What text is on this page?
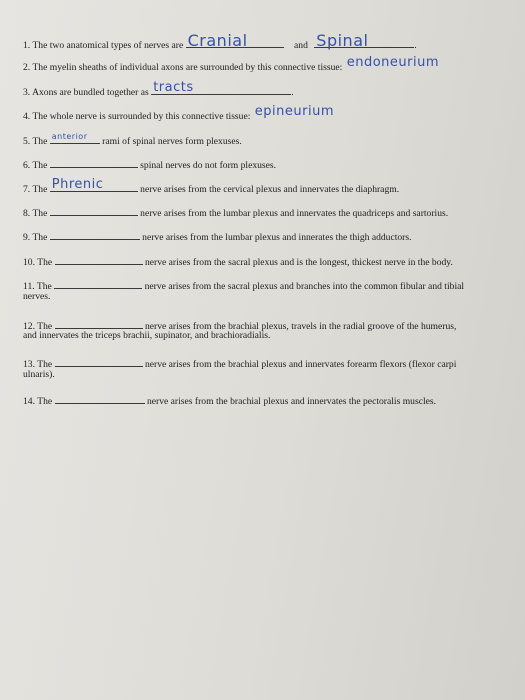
1. The two anatomical types of nerves are Cranial	and Spinal	.
2. The myelin sheaths of individual axons are surrounded by this connective tissue: endoneurium
3. Axons are bundled together as tracts	.
4. The whole nerve is surrounded by this connective tissue: epineurium
5. The anterior rami of spinal nerves form plexuses.
6. The	spinal nerves do not form plexuses.
7. The Phrenic	nerve arises from the cervical plexus and innervates the diaphragm.
8. The	nerve arises from the lumbar plexus and innervates the quadriceps and sartorius.
9. The	nerve arises from the lumbar plexus and innerates the thigh adductors.
10. The	nerve arises from the sacral plexus and is the longest, thickest nerve in the body.
11. The	nerve arises from the sacral plexus and branches into the common fibular and tibial
nerves.
12. The	nerve arises from the brachial plexus, travels in the radial groove of the humerus,
and innervates the triceps brachii, supinator, and brachioradialis.
13. The	nerve arises from the brachial plexus and innervates forearm flexors (flexor carpi
ulnaris).
14. The	nerve arises from the brachial plexus and innervates the pectoralis muscles.
